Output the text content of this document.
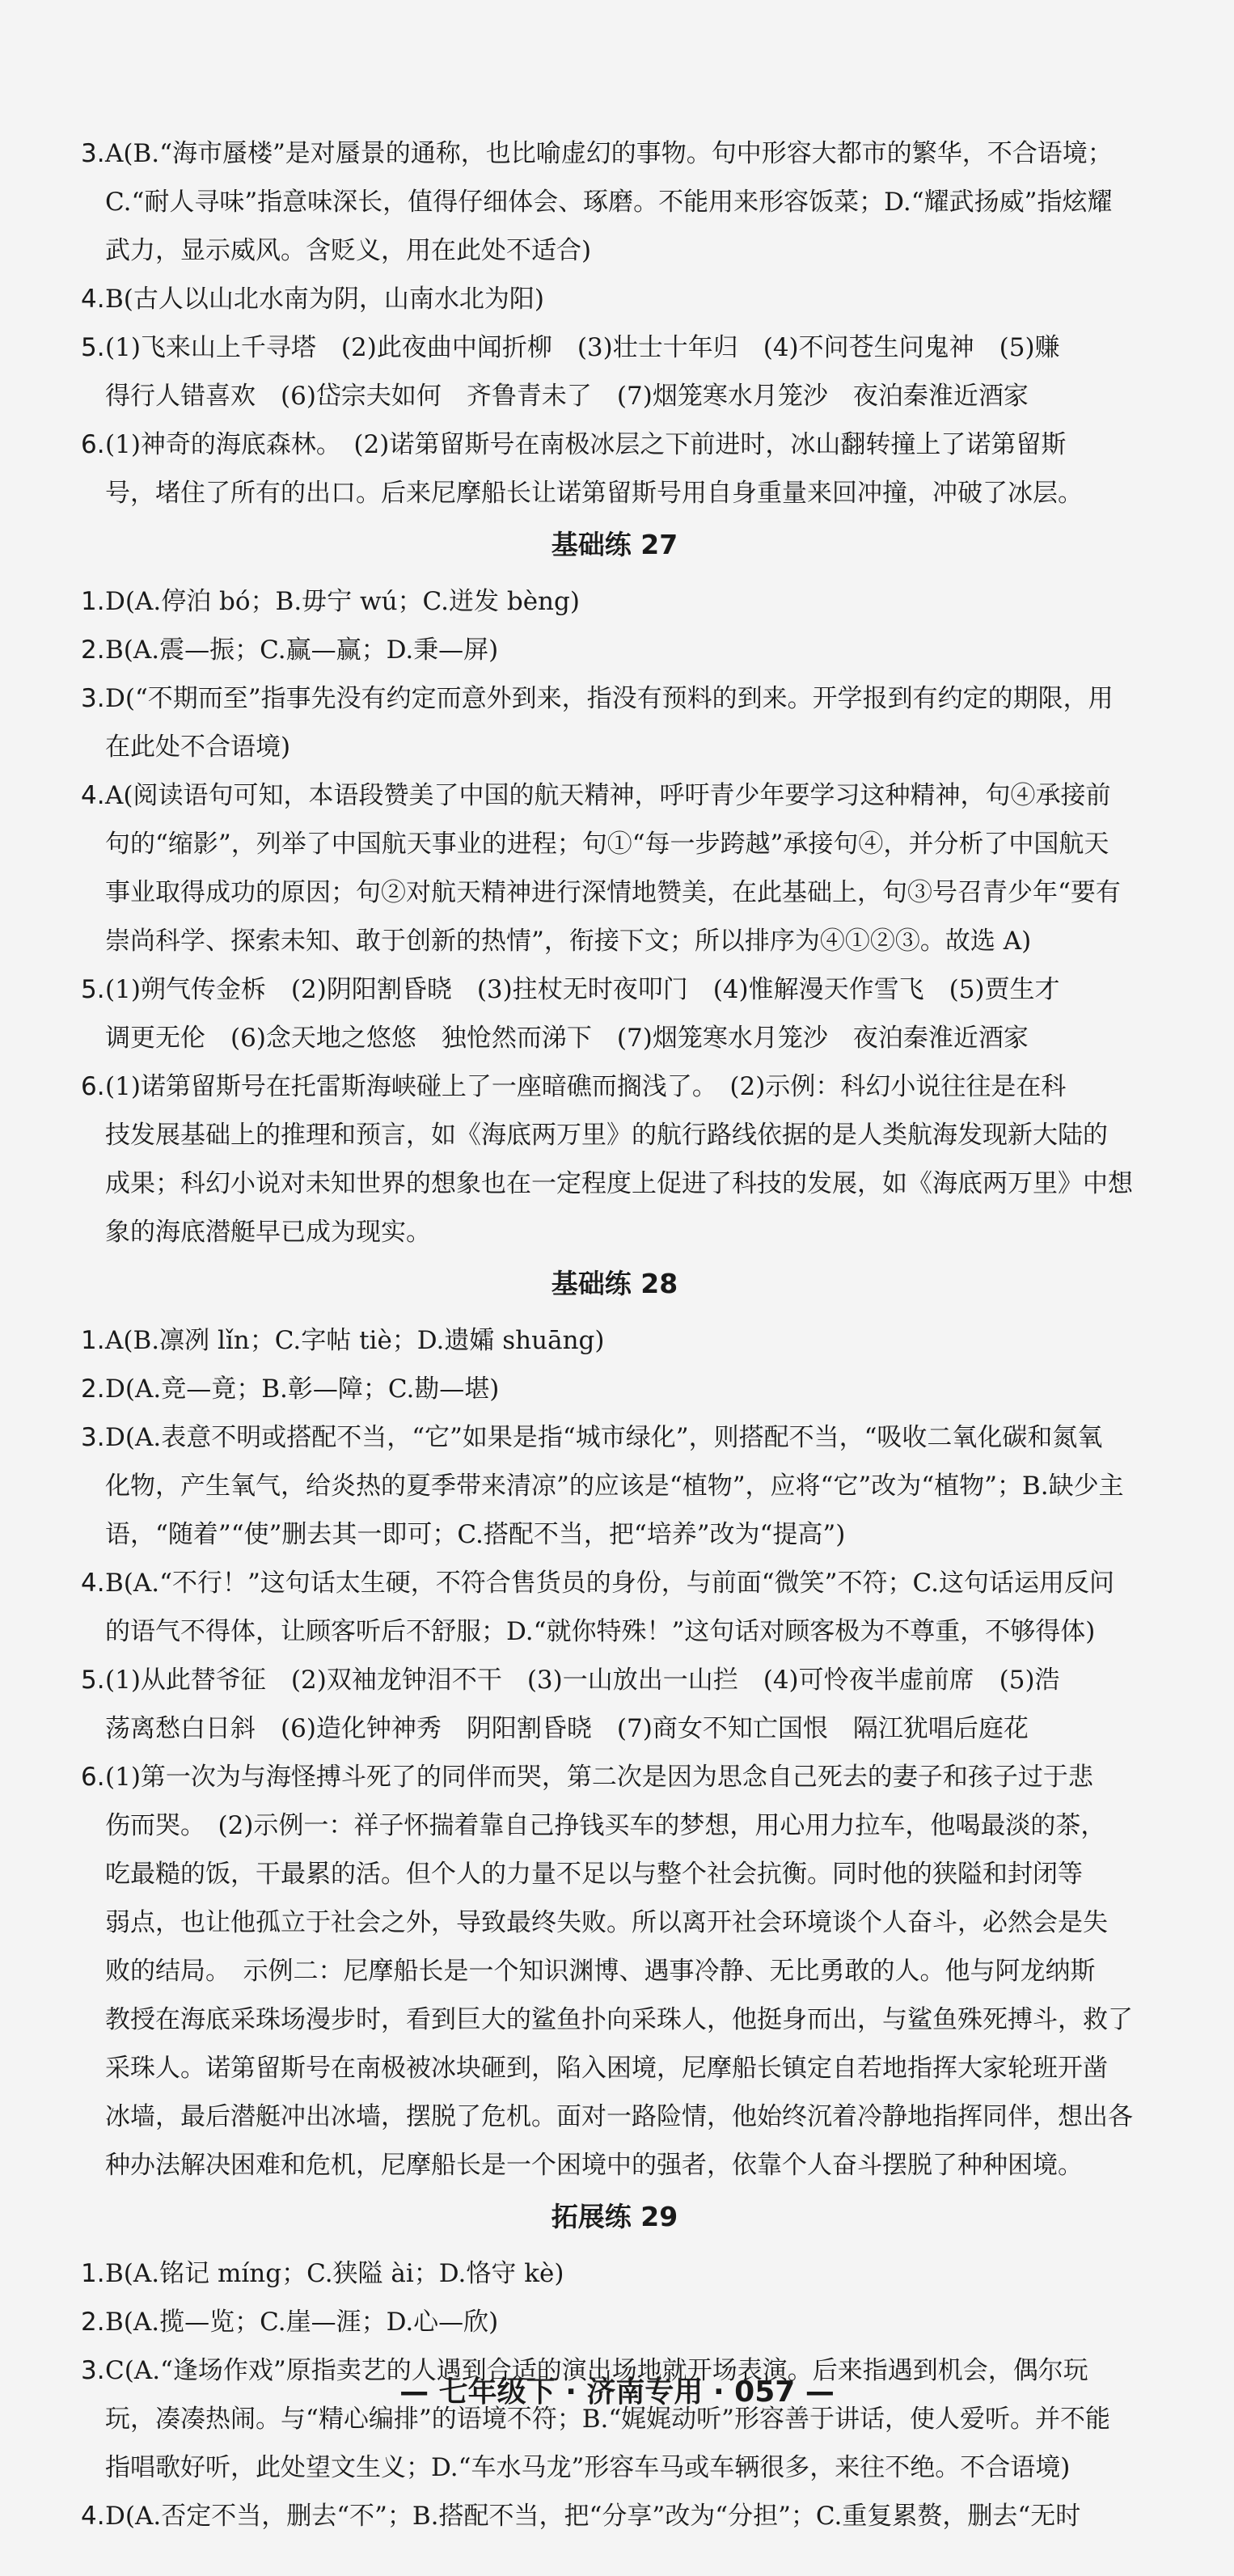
3. A(B.“海市蜃楼”是对蜃景的通称，也比喻虚幻的事物。句中形容大都市的繁华，不合语境；
C.“耐人寻味”指意味深长，值得仔细体会、琢磨。不能用来形容饭菜；D.“耀武扬威”指炫耀
武力，显示威风。含贬义，用在此处不适合)
4. B(古人以山北水南为阴，山南水北为阳)
5. (1)飞来山上千寻塔　(2)此夜曲中闻折柳　(3)壮士十年归　(4)不问苍生问鬼神　(5)赚
得行人错喜欢　(6)岱宗夫如何　齐鲁青未了　(7)烟笼寒水月笼沙　夜泊秦淮近酒家
6. (1)神奇的海底森林。　(2)诺第留斯号在南极冰层之下前进时，冰山翻转撞上了诺第留斯
号，堵住了所有的出口。后来尼摩船长让诺第留斯号用自身重量来回冲撞，冲破了冰层。
基础练 27
1. D(A.停泊 bó；B.毋宁 wú；C.迸发 bèng)
2. B(A.震—振；C.赢—赢；D.秉—屏)
3. D(“不期而至”指事先没有约定而意外到来，指没有预料的到来。开学报到有约定的期限，用
在此处不合语境)
4. A(阅读语句可知，本语段赞美了中国的航天精神，呼吁青少年要学习这种精神，句④承接前
句的“缩影”，列举了中国航天事业的进程；句①“每一步跨越”承接句④，并分析了中国航天
事业取得成功的原因；句②对航天精神进行深情地赞美，在此基础上，句③号召青少年“要有
崇尚科学、探索未知、敢于创新的热情”，衔接下文；所以排序为④①②③。故选 A)
5. (1)朔气传金柝　(2)阴阳割昏晓　(3)拄杖无时夜叩门　(4)惟解漫天作雪飞　(5)贾生才
调更无伦　(6)念天地之悠悠　独怆然而涕下　(7)烟笼寒水月笼沙　夜泊秦淮近酒家
6. (1)诺第留斯号在托雷斯海峡碰上了一座暗礁而搁浅了。　(2)示例：科幻小说往往是在科
技发展基础上的推理和预言，如《海底两万里》的航行路线依据的是人类航海发现新大陆的
成果；科幻小说对未知世界的想象也在一定程度上促进了科技的发展，如《海底两万里》中想
象的海底潜艇早已成为现实。
基础练 28
1. A(B.凛冽 lǐn；C.字帖 tiè；D.遗孀 shuāng)
2. D(A.竞—竟；B.彰—障；C.勘—堪)
3. D(A.表意不明或搭配不当，“它”如果是指“城市绿化”，则搭配不当，“吸收二氧化碳和氮氧
化物，产生氧气，给炎热的夏季带来清凉”的应该是“植物”，应将“它”改为“植物”；B.缺少主
语，“随着”“使”删去其一即可；C.搭配不当，把“培养”改为“提高”)
4. B(A.“不行！”这句话太生硬，不符合售货员的身份，与前面“微笑”不符；C.这句话运用反问
的语气不得体，让顾客听后不舒服；D.“就你特殊！”这句话对顾客极为不尊重，不够得体)
5. (1)从此替爷征　(2)双袖龙钟泪不干　(3)一山放出一山拦　(4)可怜夜半虚前席　(5)浩
荡离愁白日斜　(6)造化钟神秀　阴阳割昏晓　(7)商女不知亡国恨　隔江犹唱后庭花
6. (1)第一次为与海怪搏斗死了的同伴而哭，第二次是因为思念自己死去的妻子和孩子过于悲
伤而哭。　(2)示例一：祥子怀揣着靠自己挣钱买车的梦想，用心用力拉车，他喝最淡的茶，
吃最糙的饭，干最累的活。但个人的力量不足以与整个社会抗衡。同时他的狭隘和封闭等
弱点，也让他孤立于社会之外，导致最终失败。所以离开社会环境谈个人奋斗，必然会是失
败的结局。　示例二：尼摩船长是一个知识渊博、遇事冷静、无比勇敢的人。他与阿龙纳斯
教授在海底采珠场漫步时，看到巨大的鲨鱼扑向采珠人，他挺身而出，与鲨鱼殊死搏斗，救了
采珠人。诺第留斯号在南极被冰块砸到，陷入困境，尼摩船长镇定自若地指挥大家轮班开凿
冰墙，最后潜艇冲出冰墙，摆脱了危机。面对一路险情，他始终沉着冷静地指挥同伴，想出各
种办法解决困难和危机，尼摩船长是一个困境中的强者，依靠个人奋斗摆脱了种种困境。
拓展练 29
1. B(A.铭记 míng；C.狭隘 ài；D.恪守 kè)
2. B(A.揽—览；C.崖—涯；D.心—欣)
3. C(A.“逢场作戏”原指卖艺的人遇到合适的演出场地就开场表演。后来指遇到机会，偶尔玩
玩，凑凑热闹。与“精心编排”的语境不符；B.“娓娓动听”形容善于讲话，使人爱听。并不能
指唱歌好听，此处望文生义；D.“车水马龙”形容车马或车辆很多，来往不绝。不合语境)
4. D(A.否定不当，删去“不”；B.搭配不当，把“分享”改为“分担”；C.重复累赘，删去“无时
— 七年级下 · 济南专用 · 057 —
